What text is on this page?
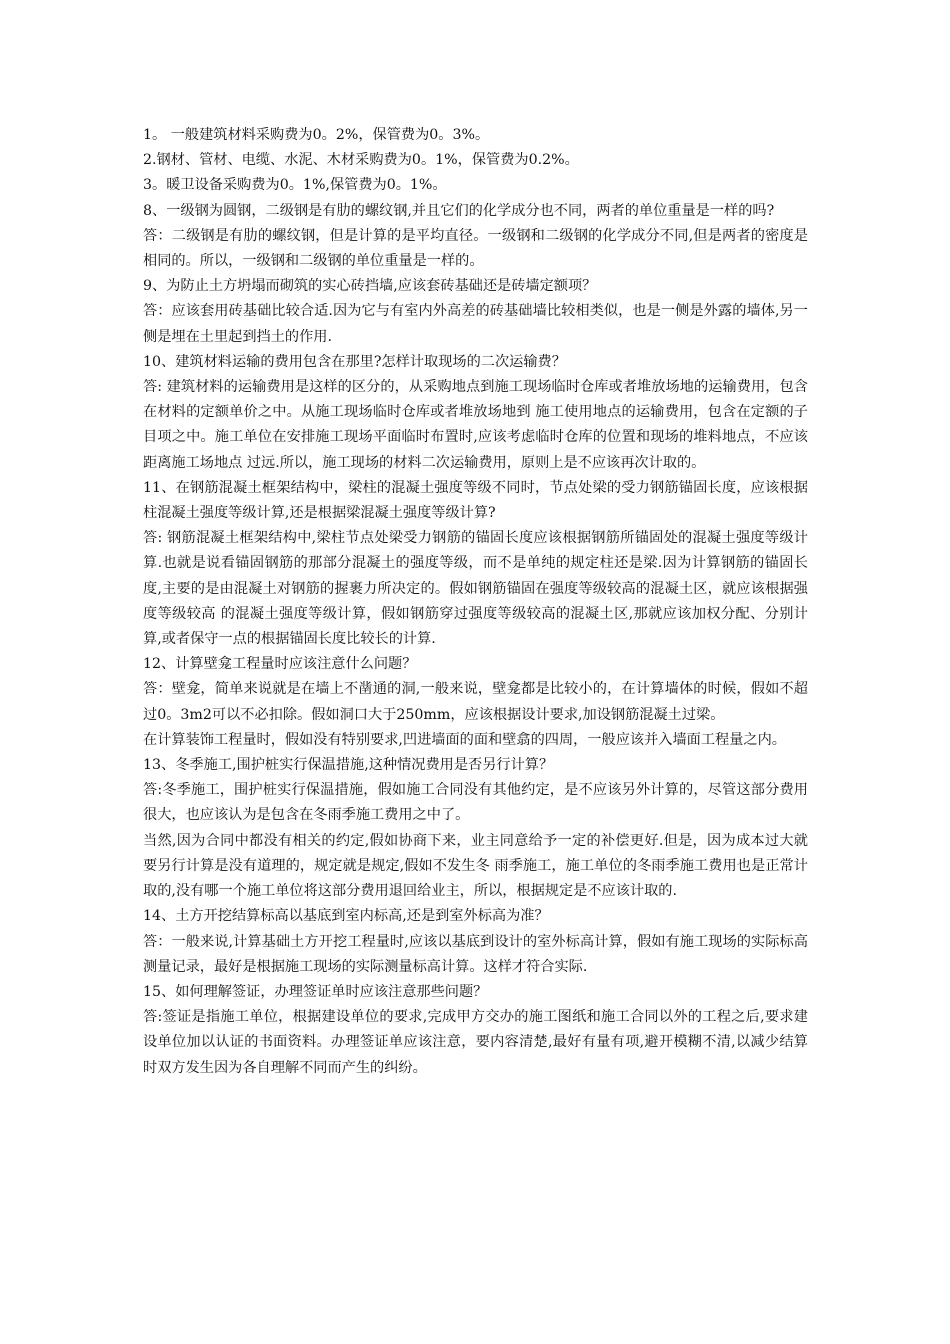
1。 一般建筑材料采购费为0。2%，保管费为0。3%。

2.钢材、管材、电缆、水泥、木材采购费为0。1%，保管费为0.2%。

3。暖卫设备采购费为0。1%,保管费为0。1%。

8、一级钢为圆钢，二级钢是有肋的螺纹钢,并且它们的化学成分也不同，两者的单位重量是一样的吗?

答：二级钢是有肋的螺纹钢，但是计算的是平均直径。一级钢和二级钢的化学成分不同,但是两者的密度是相同的。所以，一级钢和二级钢的单位重量是一样的。

9、为防止土方坍塌而砌筑的实心砖挡墙,应该套砖基础还是砖墙定额项？

答：应该套用砖基础比较合适.因为它与有室内外高差的砖基础墙比较相类似，也是一侧是外露的墙体,另一侧是埋在土里起到挡土的作用.

10、建筑材料运输的费用包含在那里?怎样计取现场的二次运输费？

答: 建筑材料的运输费用是这样的区分的，从采购地点到施工现场临时仓库或者堆放场地的运输费用，包含在材料的定额单价之中。从施工现场临时仓库或者堆放场地到 施工使用地点的运输费用，包含在定额的子目项之中。施工单位在安排施工现场平面临时布置时,应该考虑临时仓库的位置和现场的堆料地点，不应该距离施工场地点 过远.所以，施工现场的材料二次运输费用，原则上是不应该再次计取的。

11、在钢筋混凝土框架结构中，梁柱的混凝土强度等级不同时，节点处梁的受力钢筋锚固长度，应该根据柱混凝土强度等级计算,还是根据梁混凝土强度等级计算?

答: 钢筋混凝土框架结构中,梁柱节点处梁受力钢筋的锚固长度应该根据钢筋所锚固处的混凝土强度等级计算.也就是说看锚固钢筋的那部分混凝土的强度等级，而不是单纯的规定柱还是梁.因为计算钢筋的锚固长度,主要的是由混凝土对钢筋的握裹力所决定的。假如钢筋锚固在强度等级较高的混凝土区，就应该根据强度等级较高 的混凝土强度等级计算，假如钢筋穿过强度等级较高的混凝土区,那就应该加权分配、分别计算,或者保守一点的根据锚固长度比较长的计算.

12、计算壁龛工程量时应该注意什么问题？

答：壁龛，简单来说就是在墙上不凿通的洞,一般来说，壁龛都是比较小的，在计算墙体的时候，假如不超过0。3m2可以不必扣除。假如洞口大于250mm，应该根据设计要求,加设钢筋混凝土过梁。

在计算装饰工程量时，假如没有特别要求,凹进墙面的面和壁翕的四周，一般应该并入墙面工程量之内。

13、冬季施工,围护桩实行保温措施,这种情况费用是否另行计算？

答:冬季施工，围护桩实行保温措施，假如施工合同没有其他约定，是不应该另外计算的，尽管这部分费用很大，也应该认为是包含在冬雨季施工费用之中了。

当然,因为合同中都没有相关的约定,假如协商下来，业主同意给予一定的补偿更好.但是，因为成本过大就要另行计算是没有道理的，规定就是规定,假如不发生冬 雨季施工，施工单位的冬雨季施工费用也是正常计取的,没有哪一个施工单位将这部分费用退回给业主，所以，根据规定是不应该计取的.

14、土方开挖结算标高以基底到室内标高,还是到室外标高为准？

答：一般来说,计算基础土方开挖工程量时,应该以基底到设计的室外标高计算，假如有施工现场的实际标高测量记录，最好是根据施工现场的实际测量标高计算。这样才符合实际.

15、如何理解签证，办理签证单时应该注意那些问题？

答:签证是指施工单位，根据建设单位的要求,完成甲方交办的施工图纸和施工合同以外的工程之后,要求建设单位加以认证的书面资料。办理签证单应该注意，要内容清楚,最好有量有项,避开模糊不清,以减少结算时双方发生因为各自理解不同而产生的纠纷。
